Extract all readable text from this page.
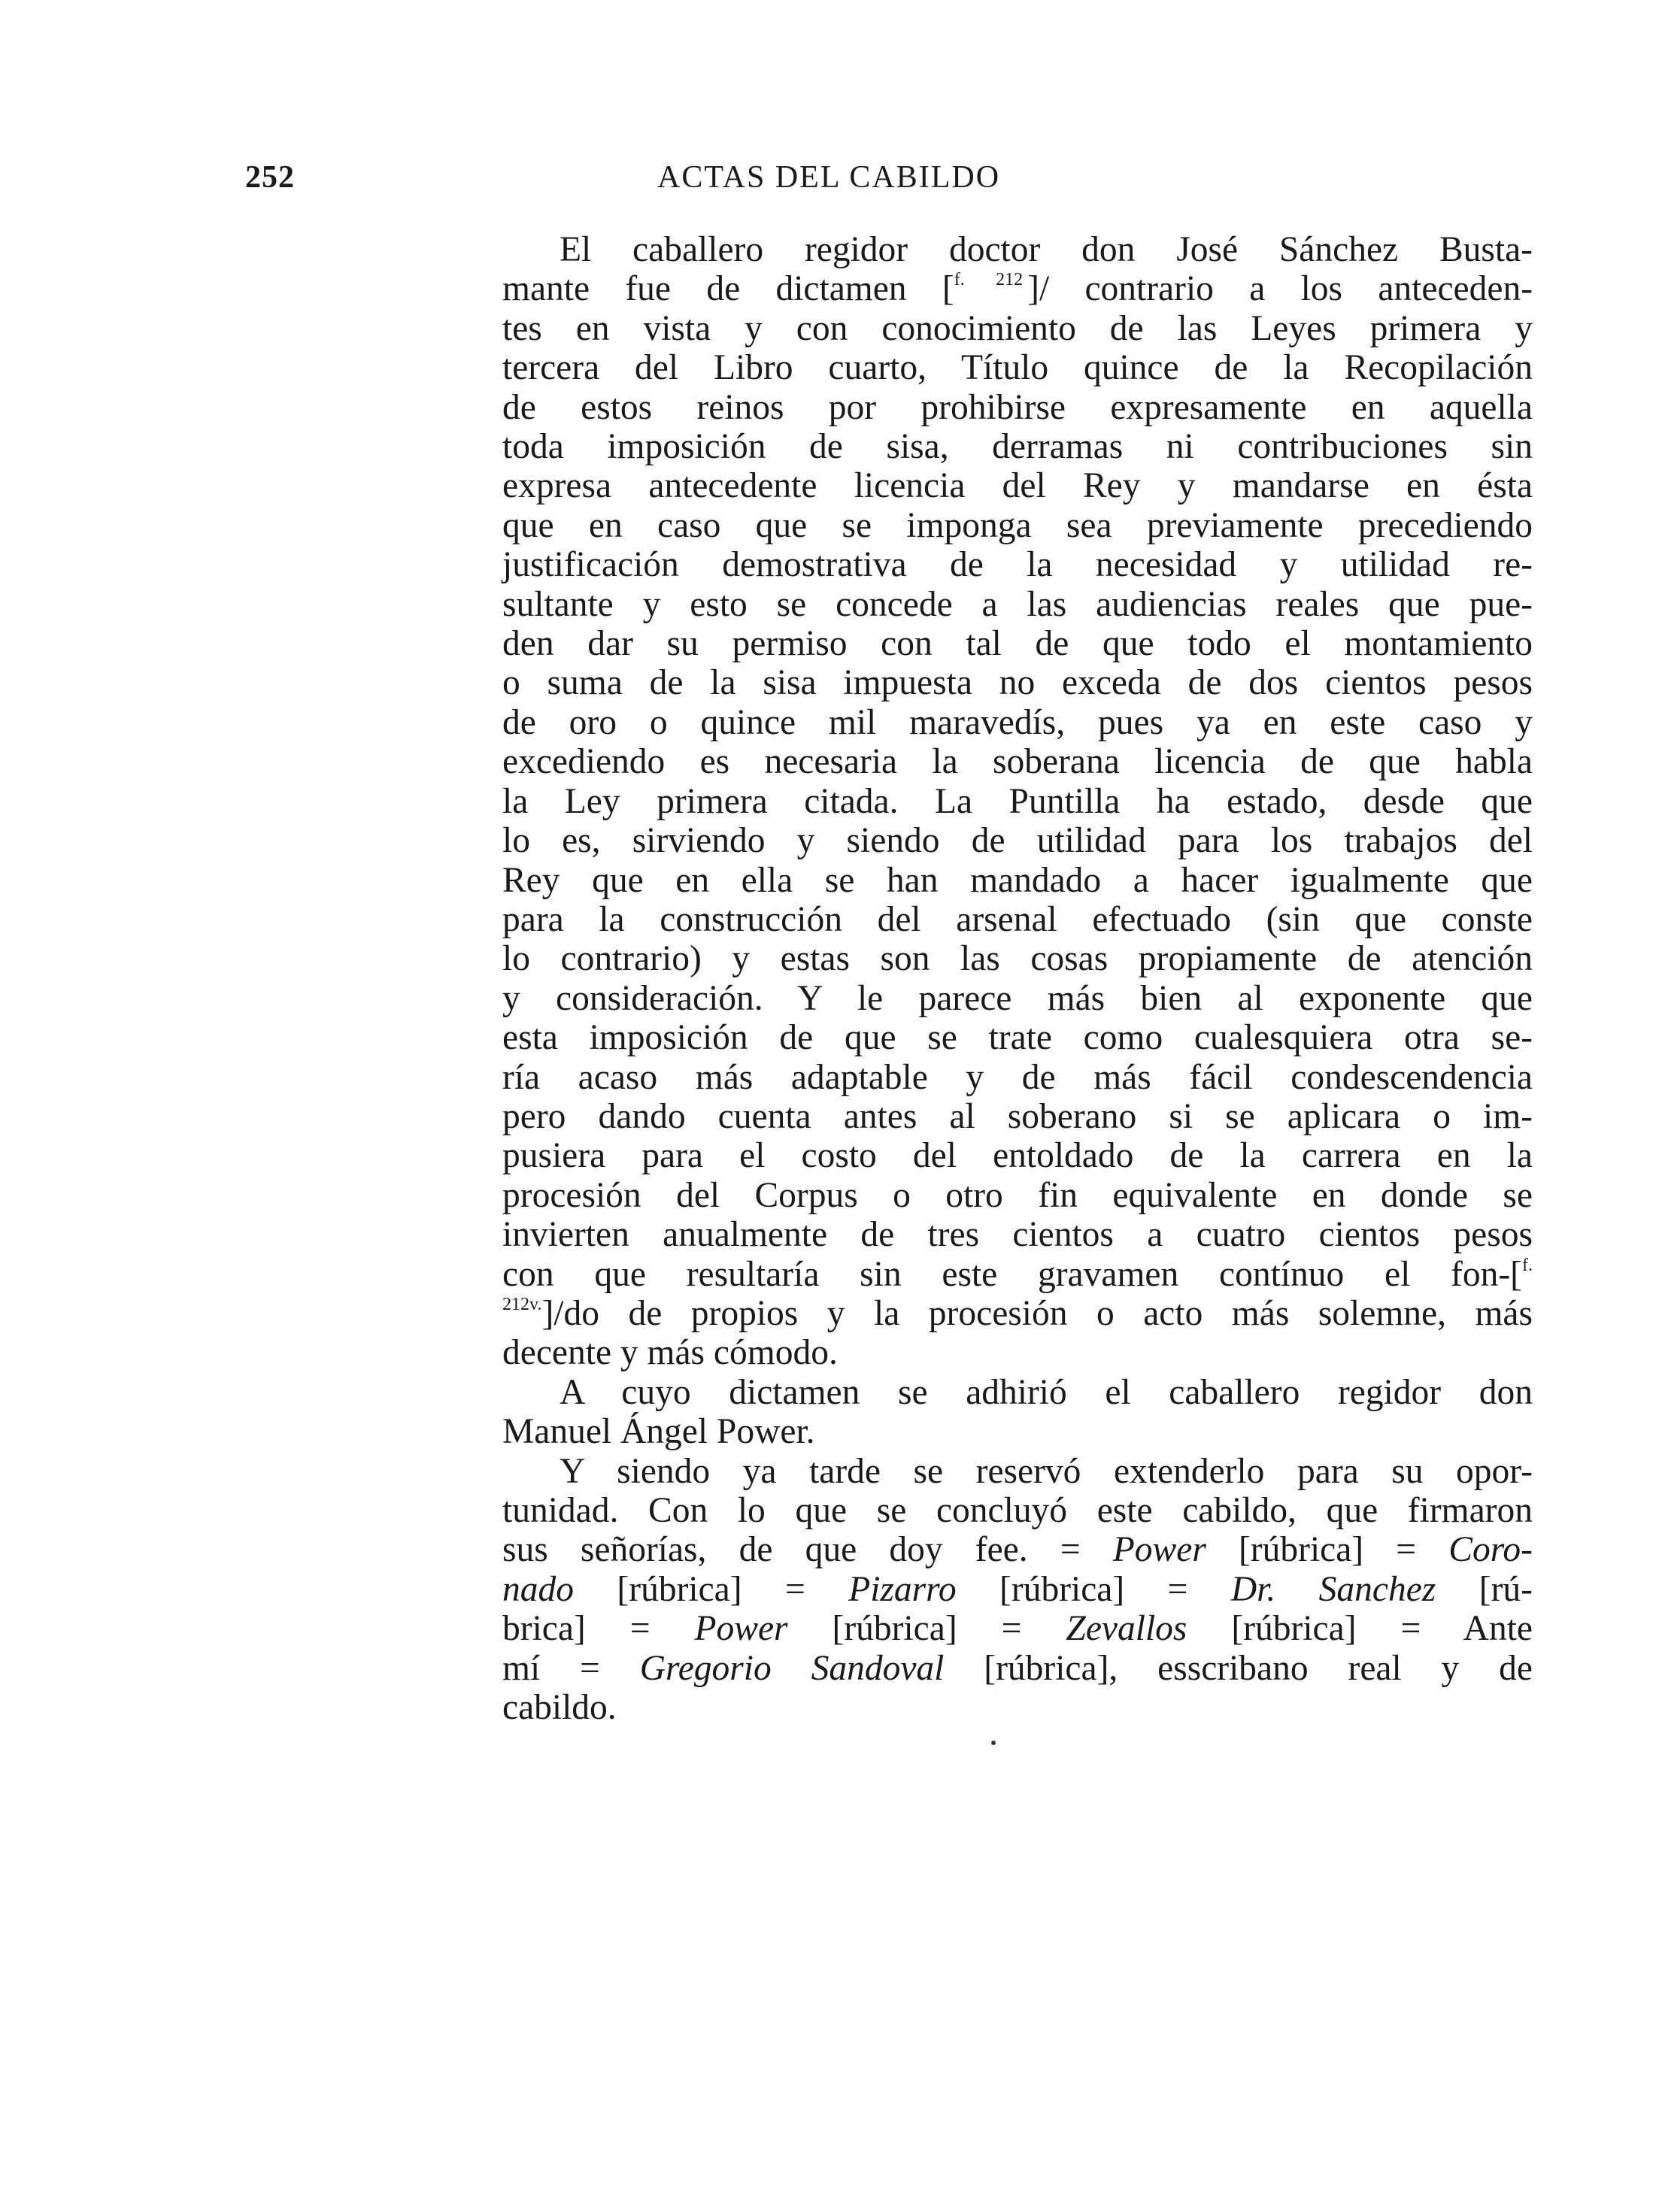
252	ACTAS DEL CABILDO
El caballero regidor doctor don José Sánchez Busta-
mante fue de dictamen [$^{f. 212}$ ]/ contrario a los anteceden-
tes en vista y con conocimiento de las Leyes primera y
tercera del Libro cuarto, Título quince de la Recopilación
de estos reinos por prohibirse expresamente en aquella
toda imposición de sisa, derramas ni contribuciones sin
expresa antecedente licencia del Rey y mandarse en ésta
que en caso que se imponga sea previamente precediendo
justificación demostrativa de la necesidad y utilidad re-
sultante y esto se concede a las audiencias reales que pue-
den dar su permiso con tal de que todo el montamiento
o suma de la sisa impuesta no exceda de dos cientos pesos
de oro o quince mil maravedís, pues ya en este caso y
excediendo es necesaria la soberana licencia de que habla
la Ley primera citada. La Puntilla ha estado, desde que
lo es, sirviendo y siendo de utilidad para los trabajos del
Rey que en ella se han mandado a hacer igualmente que
para la construcción del arsenal efectuado (sin que conste
lo contrario) y estas son las cosas propiamente de atención
y consideración. Y le parece más bien al exponente que
esta imposición de que se trate como cualesquiera otra se-
ría acaso más adaptable y de más fácil condescendencia
pero dando cuenta antes al soberano si se aplicara o im-
pusiera para el costo del entoldado de la carrera en la
procesión del Corpus o otro fin equivalente en donde se
invierten anualmente de tres cientos a cuatro cientos pesos
con que resultaría sin este gravamen contínuo el fon-[$^{f.}$
$^{212v.}$]/do de propios y la procesión o acto más solemne, más
decente y más cómodo.
A cuyo dictamen se adhirió el caballero regidor don
Manuel Ángel Power.
Y siendo ya tarde se reservó extenderlo para su opor-
tunidad. Con lo que se concluyó este cabildo, que firmaron
sus señorías, de que doy fee. = Power [rúbrica] = Coro-
nado [rúbrica] = Pizarro [rúbrica] = Dr. Sanchez [rú-
brica] = Power [rúbrica] = Zevallos [rúbrica] = Ante
mí = Gregorio Sandoval [rúbrica], esscribano real y de
cabildo.
